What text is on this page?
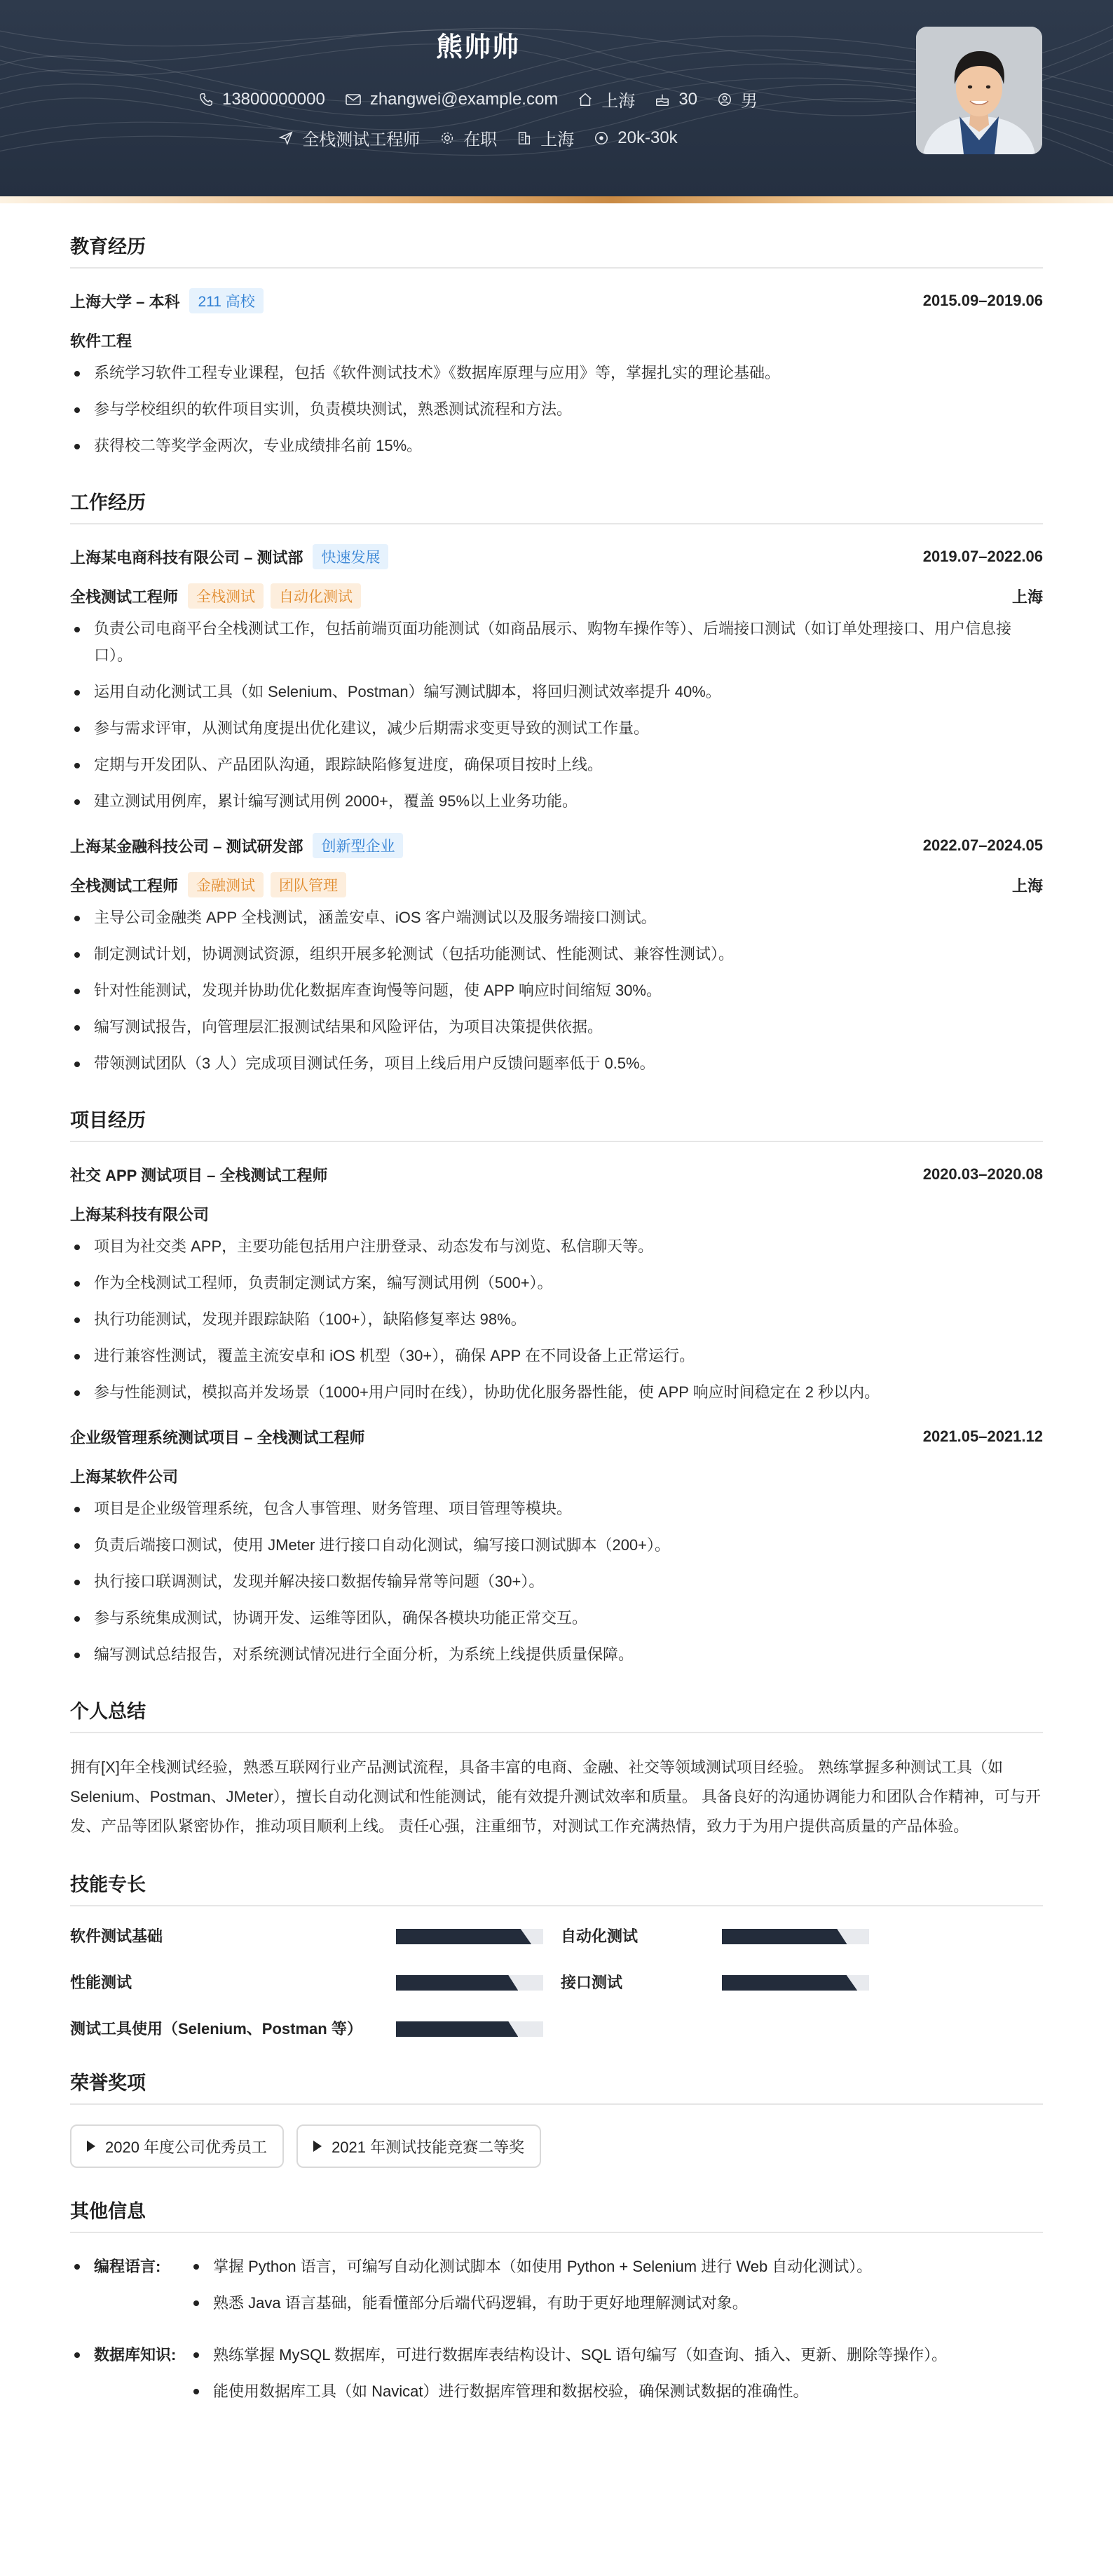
熊帅帅
13800000000	zhangwei@example.com	上海	30	男
全栈测试工程师	在职	上海	20k-30k
教育经历
上海大学 – 本科	211 高校	2015.09–2019.06
软件工程
系统学习软件工程专业课程，包括《软件测试技术》《数据库原理与应用》等，掌握扎实的理论基础。
参与学校组织的软件项目实训，负责模块测试，熟悉测试流程和方法。
获得校二等奖学金两次，专业成绩排名前 15%。
工作经历
上海某电商科技有限公司 – 测试部	快速发展	2019.07–2022.06
全栈测试工程师	全栈测试	自动化测试	上海
负责公司电商平台全栈测试工作，包括前端页面功能测试（如商品展示、购物车操作等）、后端接口测试（如订单处理接口、用户信息接口）。
运用自动化测试工具（如 Selenium、Postman）编写测试脚本，将回归测试效率提升 40%。
参与需求评审，从测试角度提出优化建议，减少后期需求变更导致的测试工作量。
定期与开发团队、产品团队沟通，跟踪缺陷修复进度，确保项目按时上线。
建立测试用例库，累计编写测试用例 2000+，覆盖 95%以上业务功能。
上海某金融科技公司 – 测试研发部	创新型企业	2022.07–2024.05
全栈测试工程师	金融测试	团队管理	上海
主导公司金融类 APP 全栈测试，涵盖安卓、iOS 客户端测试以及服务端接口测试。
制定测试计划，协调测试资源，组织开展多轮测试（包括功能测试、性能测试、兼容性测试）。
针对性能测试，发现并协助优化数据库查询慢等问题，使 APP 响应时间缩短 30%。
编写测试报告，向管理层汇报测试结果和风险评估，为项目决策提供依据。
带领测试团队（3 人）完成项目测试任务，项目上线后用户反馈问题率低于 0.5%。
项目经历
社交 APP 测试项目 – 全栈测试工程师	2020.03–2020.08
上海某科技有限公司
项目为社交类 APP，主要功能包括用户注册登录、动态发布与浏览、私信聊天等。
作为全栈测试工程师，负责制定测试方案，编写测试用例（500+）。
执行功能测试，发现并跟踪缺陷（100+），缺陷修复率达 98%。
进行兼容性测试，覆盖主流安卓和 iOS 机型（30+），确保 APP 在不同设备上正常运行。
参与性能测试，模拟高并发场景（1000+用户同时在线），协助优化服务器性能，使 APP 响应时间稳定在 2 秒以内。
企业级管理系统测试项目 – 全栈测试工程师	2021.05–2021.12
上海某软件公司
项目是企业级管理系统，包含人事管理、财务管理、项目管理等模块。
负责后端接口测试，使用 JMeter 进行接口自动化测试，编写接口测试脚本（200+）。
执行接口联调测试，发现并解决接口数据传输异常等问题（30+）。
参与系统集成测试，协调开发、运维等团队，确保各模块功能正常交互。
编写测试总结报告，对系统测试情况进行全面分析，为系统上线提供质量保障。
个人总结
拥有[X]年全栈测试经验，熟悉互联网行业产品测试流程，具备丰富的电商、金融、社交等领域测试项目经验。 熟练掌握多种测试工具（如 Selenium、Postman、JMeter），擅长自动化测试和性能测试，能有效提升测试效率和质量。 具备良好的沟通协调能力和团队合作精神，可与开发、产品等团队紧密协作，推动项目顺利上线。 责任心强，注重细节，对测试工作充满热情，致力于为用户提供高质量的产品体验。
技能专长
软件测试基础	自动化测试
性能测试	接口测试
测试工具使用（Selenium、Postman 等）
荣誉奖项
2020 年度公司优秀员工	2021 年测试技能竞赛二等奖
其他信息
编程语言:	掌握 Python 语言，可编写自动化测试脚本（如使用 Python + Selenium 进行 Web 自动化测试）。
熟悉 Java 语言基础，能看懂部分后端代码逻辑，有助于更好地理解测试对象。
数据库知识:	熟练掌握 MySQL 数据库，可进行数据库表结构设计、SQL 语句编写（如查询、插入、更新、删除等操作）。
能使用数据库工具（如 Navicat）进行数据库管理和数据校验，确保测试数据的准确性。
